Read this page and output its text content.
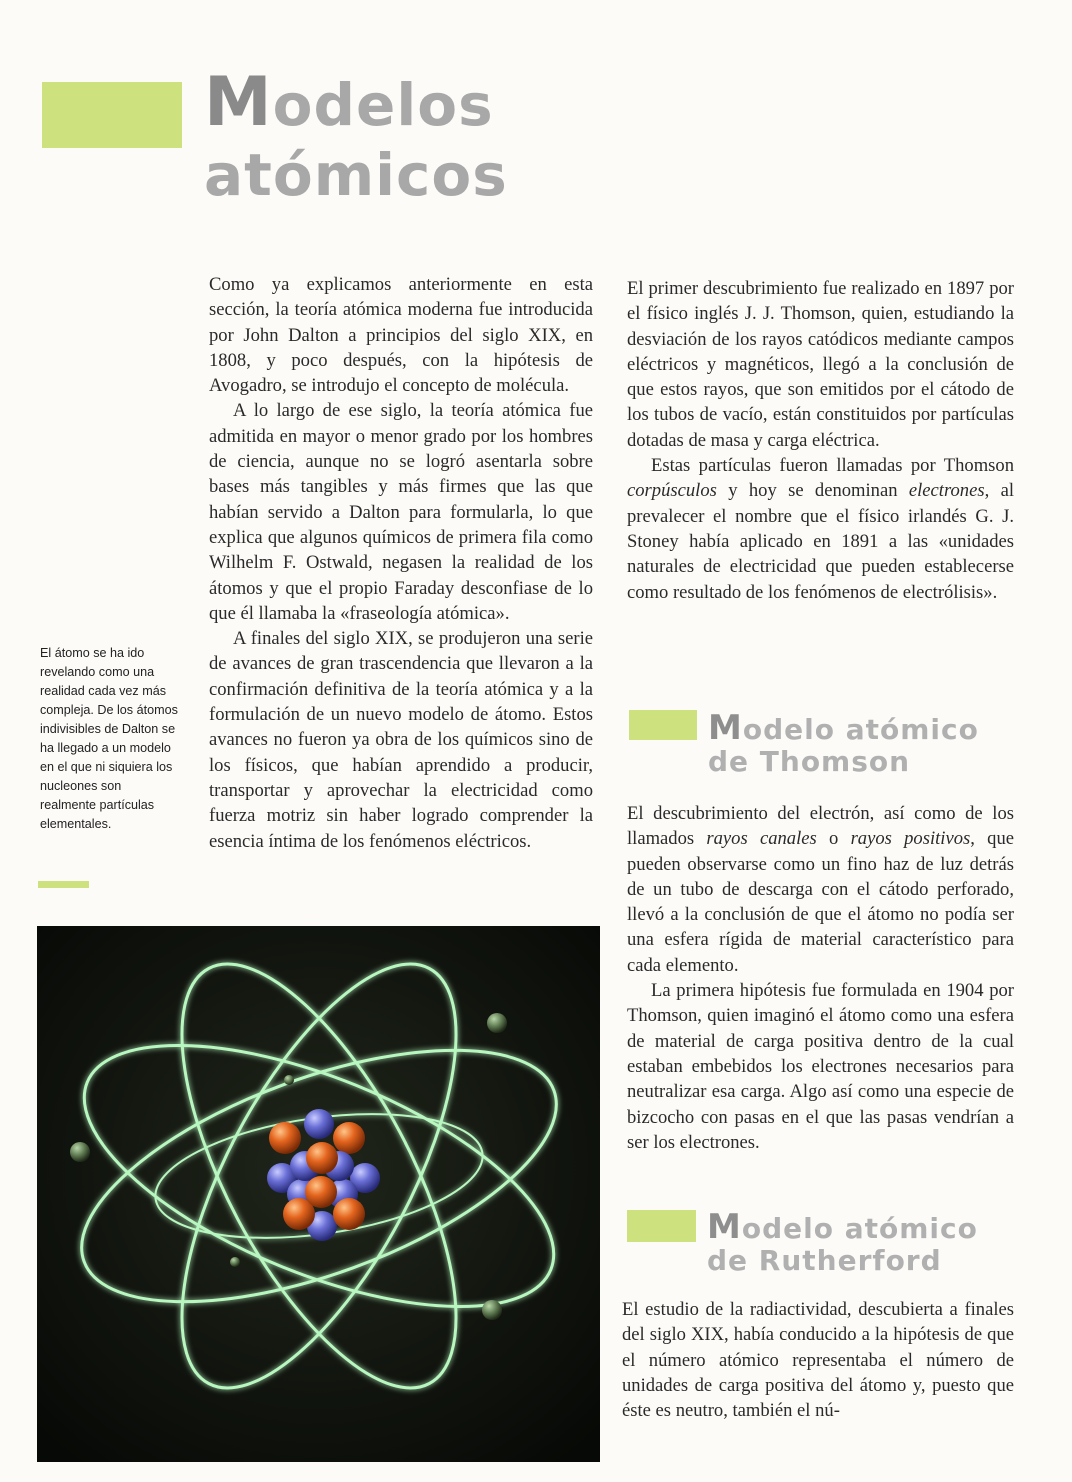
Modelos
atómicos

Como ya explicamos anteriormente en esta sección, la teoría atómica moderna fue introducida por John Dalton a principios del siglo XIX, en 1808, y poco después, con la hipótesis de Avogadro, se introdujo el concepto de molécula.

A lo largo de ese siglo, la teoría atómica fue admitida en mayor o menor grado por los hombres de ciencia, aunque no se logró asentarla sobre bases más tangibles y más firmes que las que habían servido a Dalton para formularla, lo que explica que algunos químicos de primera fila como Wilhelm F. Ostwald, negasen la realidad de los átomos y que el propio Faraday desconfiase de lo que él llamaba la «fraseología atómica».

A finales del siglo XIX, se produjeron una serie de avances de gran trascendencia que llevaron a la confirmación definitiva de la teoría atómica y a la formulación de un nuevo modelo de átomo. Estos avances no fueron ya obra de los químicos sino de los físicos, que habían aprendido a producir, transportar y aprovechar la electricidad como fuerza motriz sin haber logrado comprender la esencia íntima de los fenómenos eléctricos.

El átomo se ha ido revelando como una realidad cada vez más compleja. De los átomos indivisibles de Dalton se ha llegado a un modelo en el que ni siquiera los nucleones son realmente partículas elementales.

El primer descubrimiento fue realizado en 1897 por el físico inglés J. J. Thomson, quien, estudiando la desviación de los rayos catódicos mediante campos eléctricos y magnéticos, llegó a la conclusión de que estos rayos, que son emitidos por el cátodo de los tubos de vacío, están constituidos por partículas dotadas de masa y carga eléctrica.

Estas partículas fueron llamadas por Thomson corpúsculos y hoy se denominan electrones, al prevalecer el nombre que el físico irlandés G. J. Stoney había aplicado en 1891 a las «unidades naturales de electricidad que pueden establecerse como resultado de los fenómenos de electrólisis».

Modelo atómico
de Thomson

El descubrimiento del electrón, así como de los llamados rayos canales o rayos positivos, que pueden observarse como un fino haz de luz detrás de un tubo de descarga con el cátodo perforado, llevó a la conclusión de que el átomo no podía ser una esfera rígida de material característico para cada elemento.

La primera hipótesis fue formulada en 1904 por Thomson, quien imaginó el átomo como una esfera de material de carga positiva dentro de la cual estaban embebidos los electrones necesarios para neutralizar esa carga. Algo así como una especie de bizcocho con pasas en el que las pasas vendrían a ser los electrones.

Modelo atómico
de Rutherford

El estudio de la radiactividad, descubierta a finales del siglo XIX, había conducido a la hipótesis de que el número atómico representaba el número de unidades de carga positiva del átomo y, puesto que éste es neutro, también el nú-
